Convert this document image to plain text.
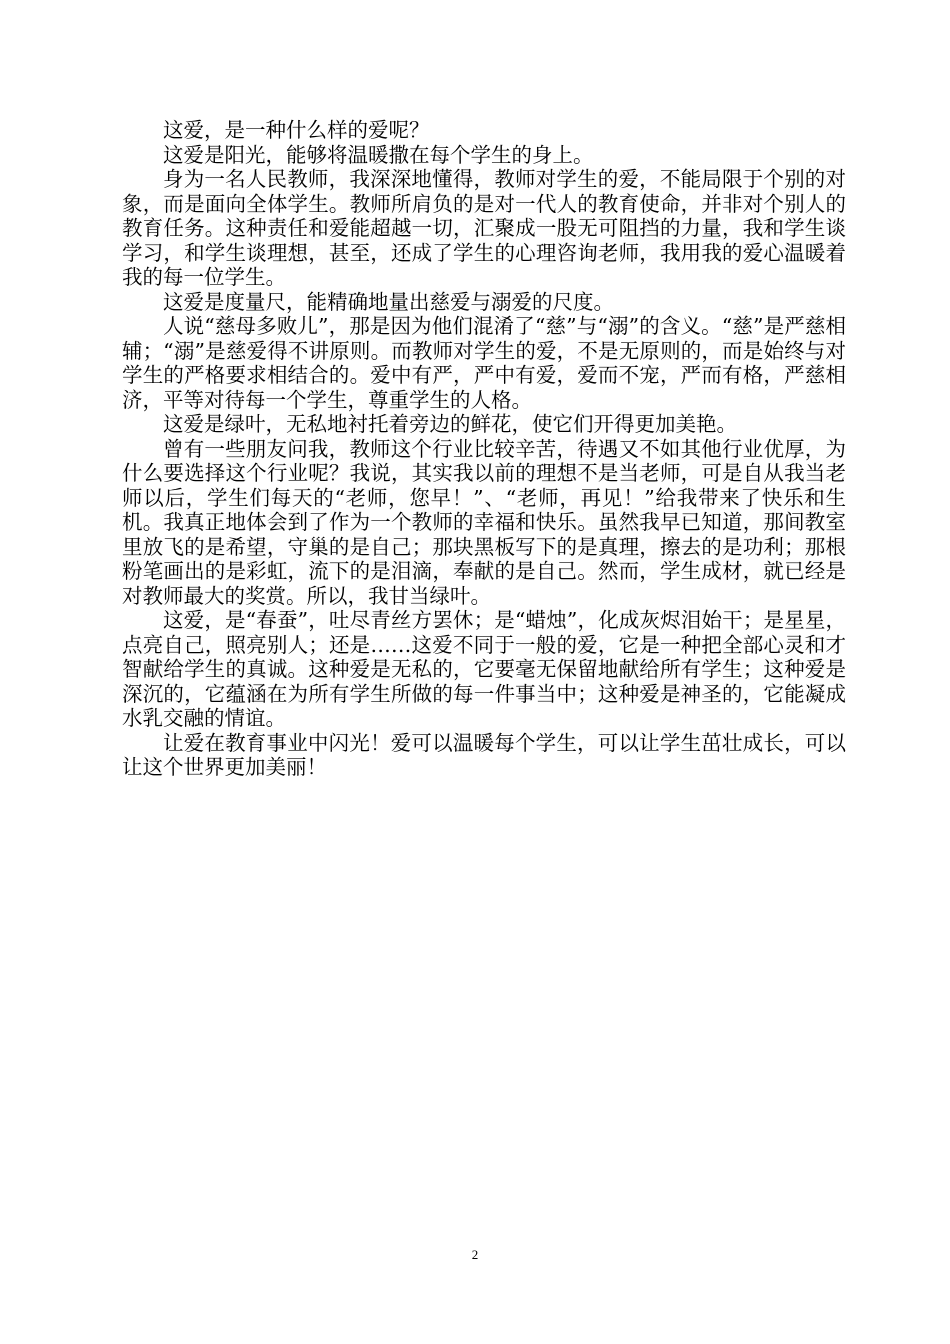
这爱，是一种什么样的爱呢？

这爱是阳光，能够将温暖撒在每个学生的身上。

身为一名人民教师，我深深地懂得，教师对学生的爱，不能局限于个别的对象，而是面向全体学生。教师所肩负的是对一代人的教育使命，并非对个别人的教育任务。这种责任和爱能超越一切，汇聚成一股无可阻挡的力量，我和学生谈学习，和学生谈理想，甚至，还成了学生的心理咨询老师，我用我的爱心温暖着我的每一位学生。

这爱是度量尺，能精确地量出慈爱与溺爱的尺度。

人说“慈母多败儿”，那是因为他们混淆了“慈”与“溺”的含义。“慈”是严慈相辅；“溺”是慈爱得不讲原则。而教师对学生的爱，不是无原则的，而是始终与对学生的严格要求相结合的。爱中有严，严中有爱，爱而不宠，严而有格，严慈相济，平等对待每一个学生，尊重学生的人格。

这爱是绿叶，无私地衬托着旁边的鲜花，使它们开得更加美艳。

曾有一些朋友问我，教师这个行业比较辛苦，待遇又不如其他行业优厚，为什么要选择这个行业呢？我说，其实我以前的理想不是当老师，可是自从我当老师以后，学生们每天的“老师，您早！”、“老师，再见！”给我带来了快乐和生机。我真正地体会到了作为一个教师的幸福和快乐。虽然我早已知道，那间教室里放飞的是希望，守巢的是自己；那块黑板写下的是真理，擦去的是功利；那根粉笔画出的是彩虹，流下的是泪滴，奉献的是自己。然而，学生成材，就已经是对教师最大的奖赏。所以，我甘当绿叶。

这爱，是“春蚕”，吐尽青丝方罢休；是“蜡烛”，化成灰烬泪始干；是星星，点亮自己，照亮别人；还是……这爱不同于一般的爱，它是一种把全部心灵和才智献给学生的真诚。这种爱是无私的，它要毫无保留地献给所有学生；这种爱是深沉的，它蕴涵在为所有学生所做的每一件事当中；这种爱是神圣的，它能凝成水乳交融的情谊。

让爱在教育事业中闪光！爱可以温暖每个学生，可以让学生茁壮成长，可以让这个世界更加美丽！

2
